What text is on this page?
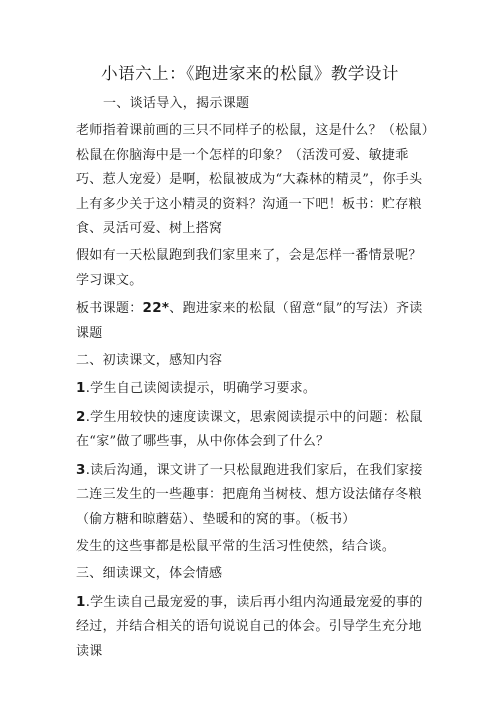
小语六上：《跑进家来的松鼠》教学设计

一、谈话导入，揭示课题

老师指着课前画的三只不同样子的松鼠，这是什么？（松鼠）松鼠在你脑海中是一个怎样的印象？（活泼可爱、敏捷乖巧、惹人宠爱）是啊，松鼠被成为“大森林的精灵”，你手头上有多少关于这小精灵的资料？沟通一下吧！板书：贮存粮食、灵活可爱、树上搭窝

假如有一天松鼠跑到我们家里来了，会是怎样一番情景呢？学习课文。

板书课题：22*、跑进家来的松鼠（留意“鼠”的写法）齐读课题

二、初读课文，感知内容

1.学生自己读阅读提示，明确学习要求。

2.学生用较快的速度读课文，思索阅读提示中的问题：松鼠在“家”做了哪些事，从中你体会到了什么？

3.读后沟通，课文讲了一只松鼠跑进我们家后，在我们家接二连三发生的一些趣事：把鹿角当树枝、想方设法储存冬粮（偷方糖和晾蘑菇）、垫暖和的窝的事。（板书）

发生的这些事都是松鼠平常的生活习性使然，结合谈。

三、细读课文，体会情感

1.学生读自己最宠爱的事，读后再小组内沟通最宠爱的事的经过，并结合相关的语句说说自己的体会。引导学生充分地读课
